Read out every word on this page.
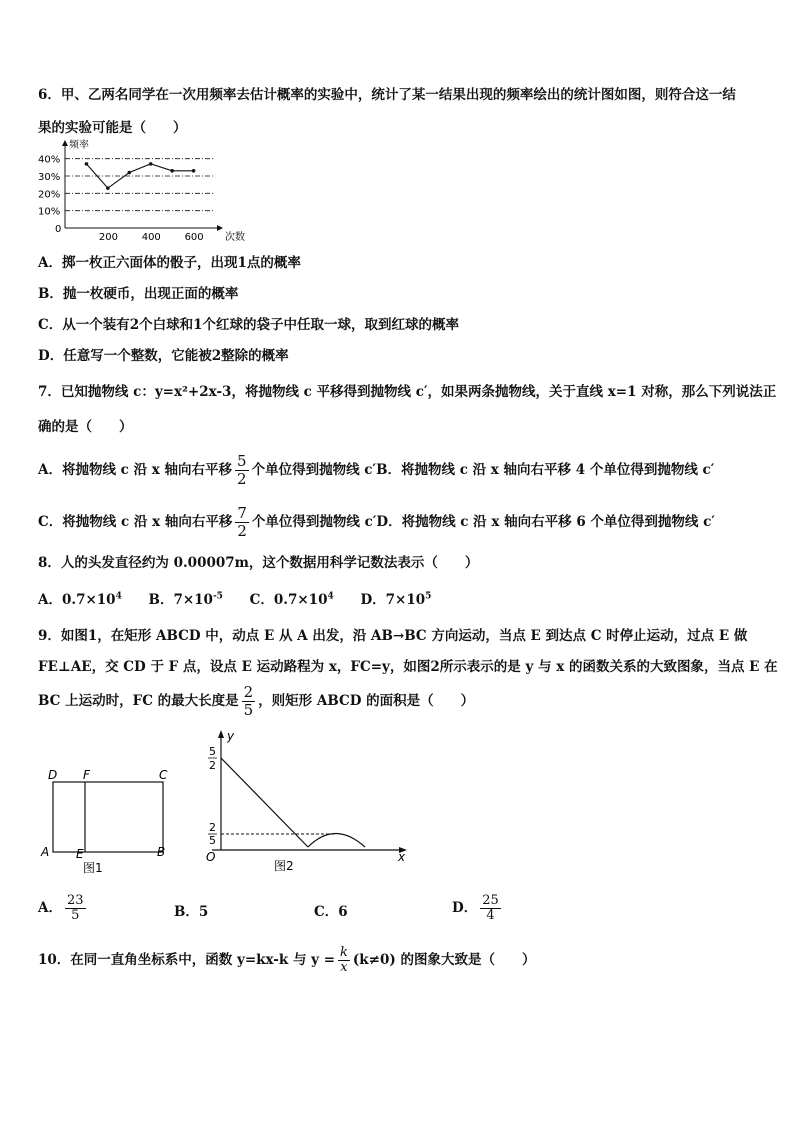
6．甲、乙两名同学在一次用频率去估计概率的实验中，统计了某一结果出现的频率绘出的统计图如图，则符合这一结
果的实验可能是（　　）
10%
20%
30%
40%
200 400 600
0
次数
频率
A．掷一枚正六面体的骰子，出现1点的概率
B．抛一枚硬币，出现正面的概率
C．从一个装有2个白球和1个红球的袋子中任取一球，取到红球的概率
D．任意写一个整数，它能被2整除的概率
7．已知抛物线 c：y=x²+2x-3，将抛物线 c 平移得到抛物线 c′，如果两条抛物线，关于直线 x=1 对称，那么下列说法正
确的是（　　）
A．将抛物线 c 沿 x 轴向右平移 $\frac{5}{2}$ 个单位得到抛物线 c′B．将抛物线 c 沿 x 轴向右平移 4 个单位得到抛物线 c′
C．将抛物线 c 沿 x 轴向右平移 $\frac{7}{2}$ 个单位得到抛物线 c′D．将抛物线 c 沿 x 轴向右平移 6 个单位得到抛物线 c′
8．人的头发直径约为 0.00007m，这个数据用科学记数法表示（　　）
A．$0.7\times 10^4$ B．$7\times 10^{-5}$ C．$0.7\times 10^4$ D．$7\times 10^5$
9．如图1，在矩形 ABCD 中，动点 E 从 A 出发，沿 AB→BC 方向运动，当点 E 到达点 C 时停止运动，过点 E 做
FE⊥AE，交 CD 于 F 点，设点 E 运动路程为 x，FC=y，如图2所示表示的是 y 与 x 的函数关系的大致图象，当点 E 在
BC 上运动时，FC 的最大长度是 $\frac{2}{5}$ ，则矩形 ABCD 的面积是（　　）
D F	C
A E	B
图1
y
x
O
5
2
2
5
图2
A． $\frac{23}{5}$	B．5	C．6	D． $\frac{25}{4}$
10．在同一直角坐标系中，函数 y=kx-k 与 $y = \frac{k}{x} (k\ne 0)$ 的图象大致是（　　）
